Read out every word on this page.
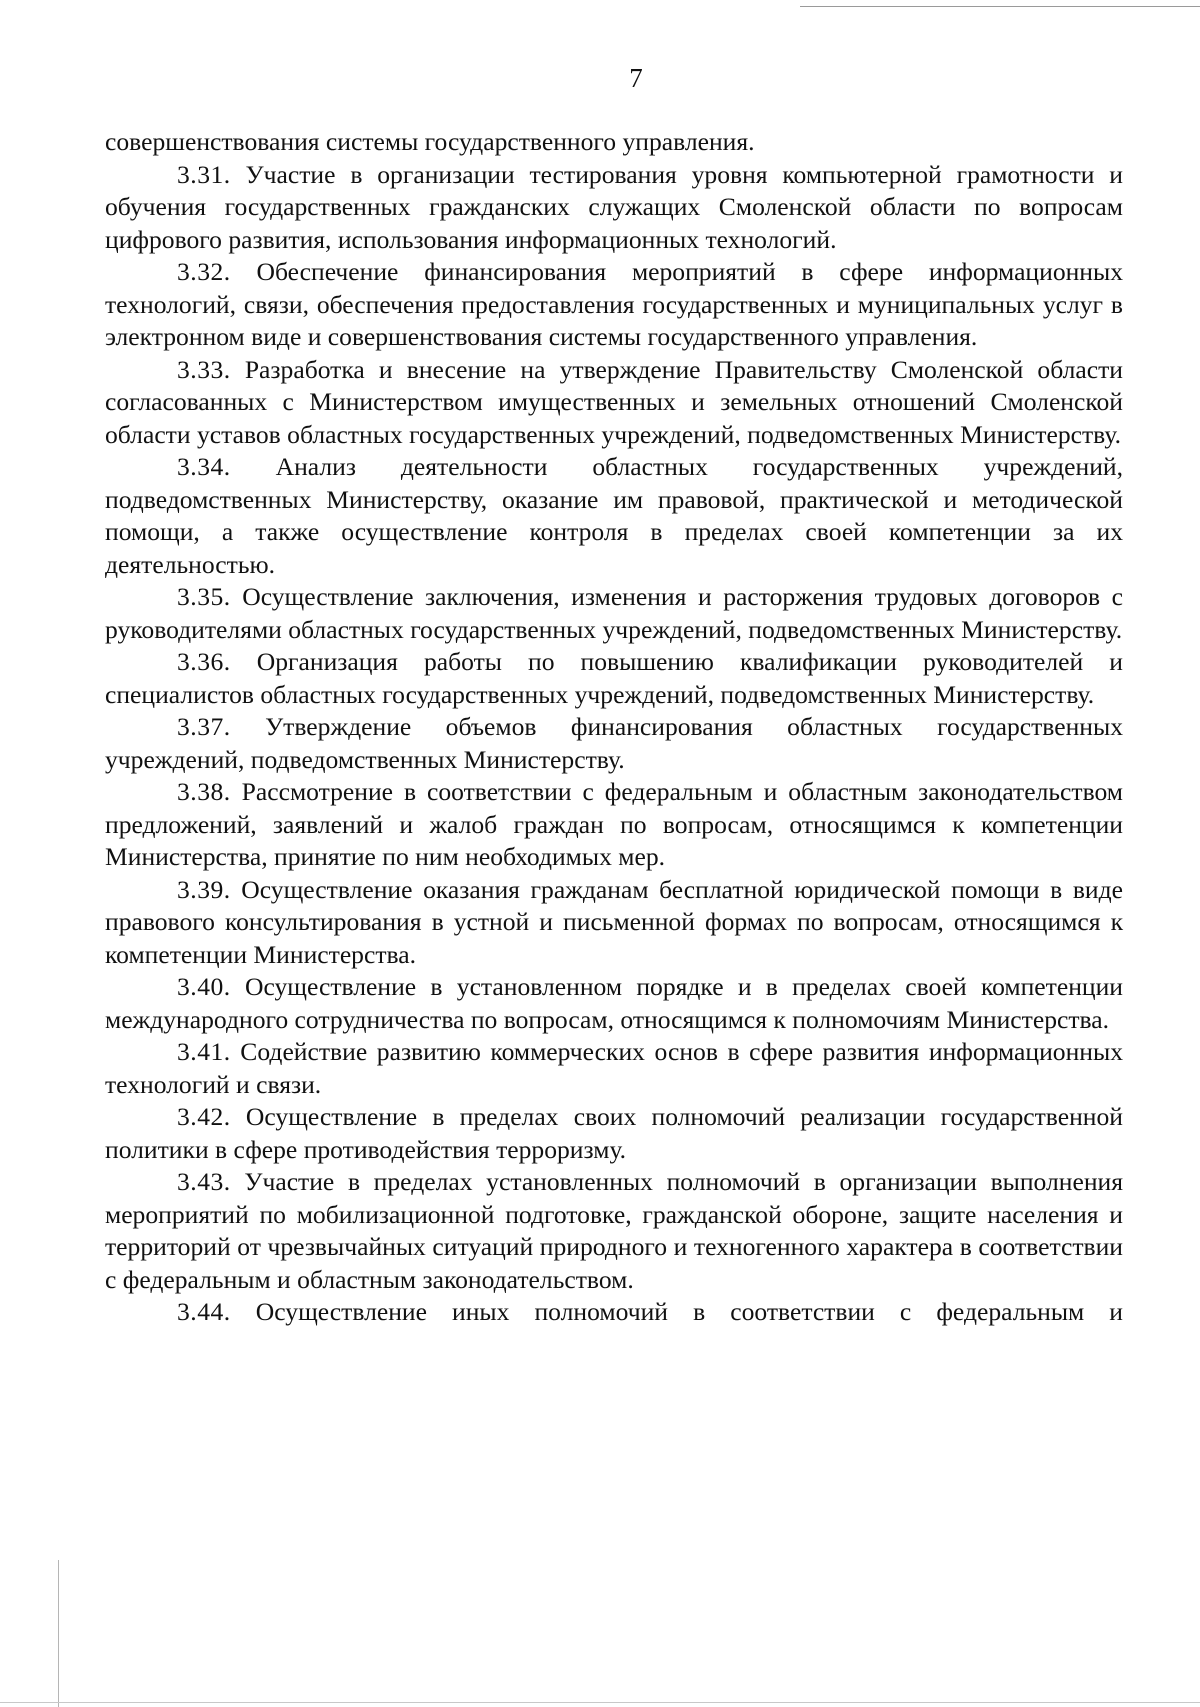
7

совершенствования системы государственного управления.

3.31. Участие в организации тестирования уровня компьютерной грамотности и обучения государственных гражданских служащих Смоленской области по вопросам цифрового развития, использования информационных технологий.

3.32. Обеспечение финансирования мероприятий в сфере информационных технологий, связи, обеспечения предоставления государственных и муниципальных услуг в электронном виде и совершенствования системы государственного управления.

3.33. Разработка и внесение на утверждение Правительству Смоленской области согласованных с Министерством имущественных и земельных отношений Смоленской области уставов областных государственных учреждений, подведомственных Министерству.

3.34. Анализ деятельности областных государственных учреждений, подведомственных Министерству, оказание им правовой, практической и методической помощи, а также осуществление контроля в пределах своей компетенции за их деятельностью.

3.35. Осуществление заключения, изменения и расторжения трудовых договоров с руководителями областных государственных учреждений, подведомственных Министерству.

3.36. Организация работы по повышению квалификации руководителей и специалистов областных государственных учреждений, подведомственных Министерству.

3.37. Утверждение объемов финансирования областных государственных учреждений, подведомственных Министерству.

3.38. Рассмотрение в соответствии с федеральным и областным законодательством предложений, заявлений и жалоб граждан по вопросам, относящимся к компетенции Министерства, принятие по ним необходимых мер.

3.39. Осуществление оказания гражданам бесплатной юридической помощи в виде правового консультирования в устной и письменной формах по вопросам, относящимся к компетенции Министерства.

3.40. Осуществление в установленном порядке и в пределах своей компетенции международного сотрудничества по вопросам, относящимся к полномочиям Министерства.

3.41. Содействие развитию коммерческих основ в сфере развития информационных технологий и связи.

3.42. Осуществление в пределах своих полномочий реализации государственной политики в сфере противодействия терроризму.

3.43. Участие в пределах установленных полномочий в организации выполнения мероприятий по мобилизационной подготовке, гражданской обороне, защите населения и территорий от чрезвычайных ситуаций природного и техногенного характера в соответствии с федеральным и областным законодательством.

3.44. Осуществление иных полномочий в соответствии с федеральным и
